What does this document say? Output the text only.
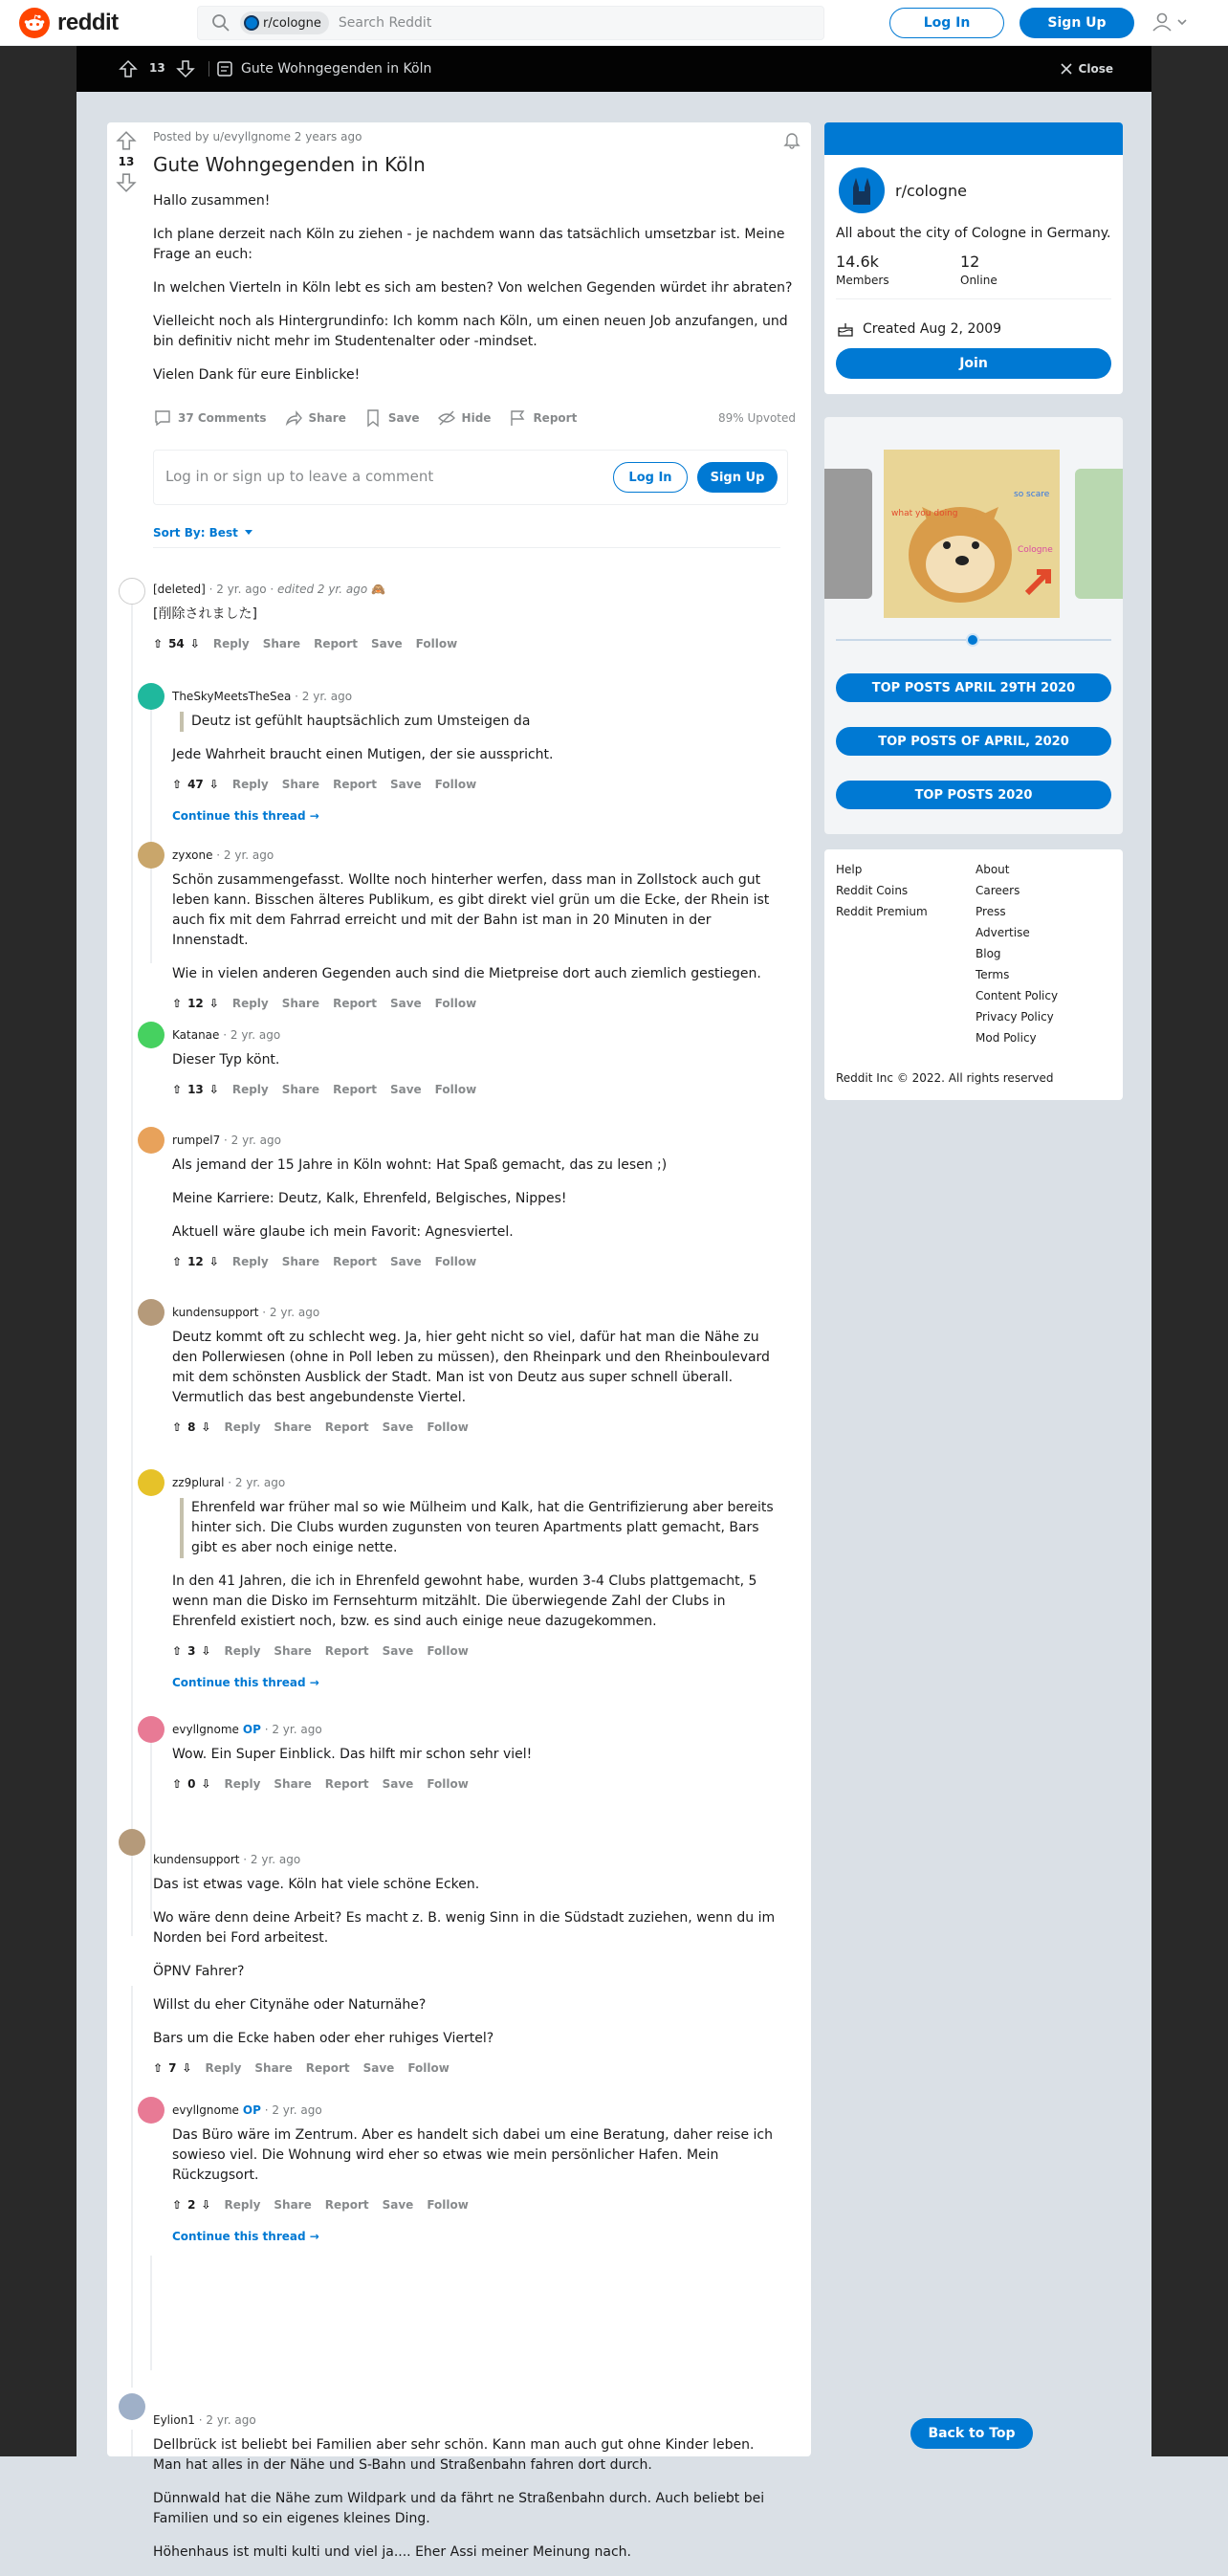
reddit	r/cologne Search Reddit	Log In	Sign Up
13	Gute Wohngegenden in Köln	Close
13
Posted by u/evyllgnome 2 years ago
Gute Wohngegenden in Köln

Hallo zusammen!

Ich plane derzeit nach Köln zu ziehen - je nachdem wann das tatsächlich umsetzbar ist. Meine Frage an euch:

In welchen Vierteln in Köln lebt es sich am besten? Von welchen Gegenden würdet ihr abraten?

Vielleicht noch als Hintergrundinfo: Ich komm nach Köln, um einen neuen Job anzufangen, und bin definitiv nicht mehr im Studentenalter oder -mindset.

Vielen Dank für eure Einblicke!

37 Comments	Share	Save	Hide	Report	89% Upvoted
Log in or sign up to leave a comment	Log In	Sign Up
Sort By: Best
[deleted] · 2 yr. ago · edited 2 yr. ago
🙈

[削除されました]

⇧ 54 ⇩ Reply Share Report Save Follow
TheSkyMeetsTheSea · 2 yr. ago
Deutz ist gefühlt hauptsächlich zum Umsteigen da

Jede Wahrheit braucht einen Mutigen, der sie ausspricht.

⇧ 47 ⇩ Reply Share Report Save Follow
Continue this thread →
zyxone · 2 yr. ago

Schön zusammengefasst. Wollte noch hinterher werfen, dass man in Zollstock auch gut leben kann. Bisschen älteres Publikum, es gibt direkt viel grün um die Ecke, der Rhein ist auch fix mit dem Fahrrad erreicht und mit der Bahn ist man in 20 Minuten in der Innenstadt.

Wie in vielen anderen Gegenden auch sind die Mietpreise dort auch ziemlich gestiegen.

⇧ 12 ⇩ Reply Share Report Save Follow
Katanae · 2 yr. ago

Dieser Typ könt.

⇧ 13 ⇩ Reply Share Report Save Follow
rumpel7 · 2 yr. ago

Als jemand der 15 Jahre in Köln wohnt: Hat Spaß gemacht, das zu lesen ;)

Meine Karriere: Deutz, Kalk, Ehrenfeld, Belgisches, Nippes!

Aktuell wäre glaube ich mein Favorit: Agnesviertel.

⇧ 12 ⇩ Reply Share Report Save Follow
kundensupport · 2 yr. ago

Deutz kommt oft zu schlecht weg. Ja, hier geht nicht so viel, dafür hat man die Nähe zu den Pollerwiesen (ohne in Poll leben zu müssen), den Rheinpark und den Rheinboulevard mit dem schönsten Ausblick der Stadt. Man ist von Deutz aus super schnell überall. Vermutlich das best angebundenste Viertel.

⇧ 8 ⇩ Reply Share Report Save Follow
zz9plural · 2 yr. ago
Ehrenfeld war früher mal so wie Mülheim und Kalk, hat die Gentrifizierung aber bereits hinter sich. Die Clubs wurden zugunsten von teuren Apartments platt gemacht, Bars gibt es aber noch einige nette.

In den 41 Jahren, die ich in Ehrenfeld gewohnt habe, wurden 3-4 Clubs plattgemacht, 5 wenn man die Disko im Fernsehturm mitzählt. Die überwiegende Zahl der Clubs in Ehrenfeld existiert noch, bzw. es sind auch einige neue dazugekommen.

⇧ 3 ⇩ Reply Share Report Save Follow
Continue this thread →
evyllgnome OP · 2 yr. ago

Wow. Ein Super Einblick. Das hilft mir schon sehr viel!

⇧ 0 ⇩ Reply Share Report Save Follow
kundensupport · 2 yr. ago

Das ist etwas vage. Köln hat viele schöne Ecken.

Wo wäre denn deine Arbeit? Es macht z. B. wenig Sinn in die Südstadt zuziehen, wenn du im Norden bei Ford arbeitest.

ÖPNV Fahrer?

Willst du eher Citynähe oder Naturnähe?

Bars um die Ecke haben oder eher ruhiges Viertel?

⇧ 7 ⇩ Reply Share Report Save Follow
evyllgnome OP · 2 yr. ago

Das Büro wäre im Zentrum. Aber es handelt sich dabei um eine Beratung, daher reise ich sowieso viel. Die Wohnung wird eher so etwas wie mein persönlicher Hafen. Mein Rückzugsort.

⇧ 2 ⇩ Reply Share Report Save Follow
Continue this thread →
Eylion1 · 2 yr. ago

Dellbrück ist beliebt bei Familien aber sehr schön. Kann man auch gut ohne Kinder leben. Man hat alles in der Nähe und S-Bahn und Straßenbahn fahren dort durch.

Dünnwald hat die Nähe zum Wildpark und da fährt ne Straßenbahn durch. Auch beliebt bei Familien und so ein eigenes kleines Ding.

Höhenhaus ist multi kulti und viel ja.... Eher Assi meiner Meinung nach.

r/cologne
All about the city of Cologne in Germany.
14.6k
Members
12
Online
Created Aug 2, 2009
Join
what you doing
so scare
Cologne
TOP POSTS APRIL 29TH 2020
TOP POSTS OF APRIL, 2020
TOP POSTS 2020
Help
Reddit Coins
Reddit Premium
About
Careers
Press
Advertise
Blog
Terms
Content Policy
Privacy Policy
Mod Policy
Reddit Inc © 2022. All rights reserved
Back to Top
